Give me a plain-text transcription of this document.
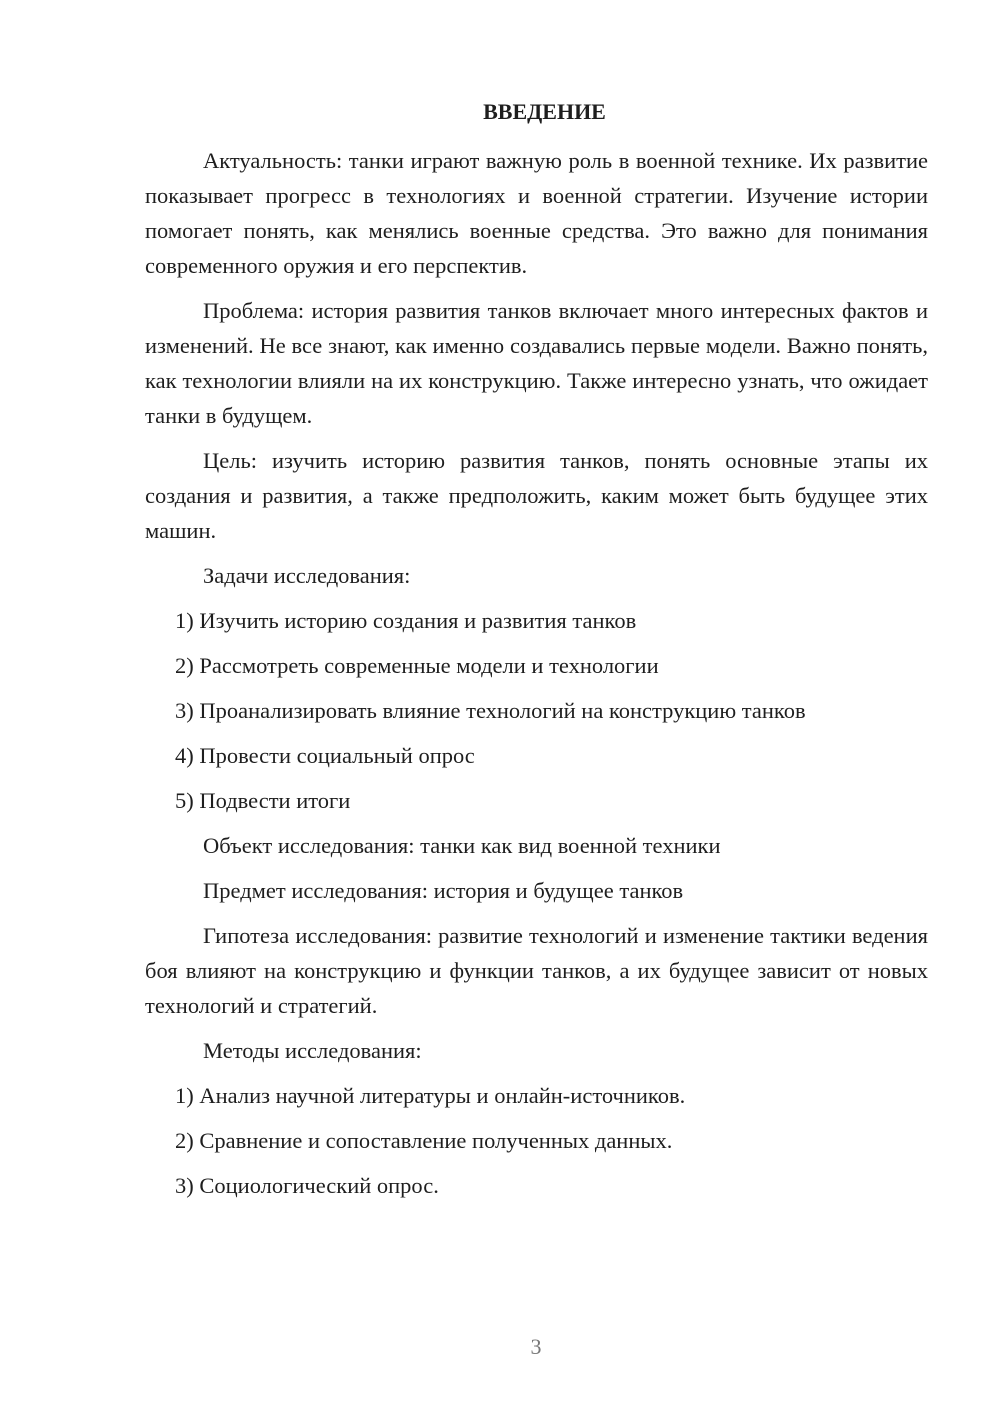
ВВЕДЕНИЕ

Актуальность: танки играют важную роль в военной технике. Их развитие показывает прогресс в технологиях и военной стратегии. Изучение истории помогает понять, как менялись военные средства. Это важно для понимания современного оружия и его перспектив.

Проблема: история развития танков включает много интересных фактов и изменений. Не все знают, как именно создавались первые модели. Важно понять, как технологии влияли на их конструкцию. Также интересно узнать, что ожидает танки в будущем.

Цель: изучить историю развития танков, понять основные этапы их создания и развития, а также предположить, каким может быть будущее этих машин.

Задачи исследования:
1) Изучить историю создания и развития танков
2) Рассмотреть современные модели и технологии
3) Проанализировать влияние технологий на конструкцию танков
4) Провести социальный опрос
5) Подвести итоги
Объект исследования: танки как вид военной техники
Предмет исследования: история и будущее танков

Гипотеза исследования: развитие технологий и изменение тактики ведения боя влияют на конструкцию и функции танков, а их будущее зависит от новых технологий и стратегий.

Методы исследования:
1) Анализ научной литературы и онлайн-источников.
2) Сравнение и сопоставление полученных данных.
3) Социологический опрос.
3
